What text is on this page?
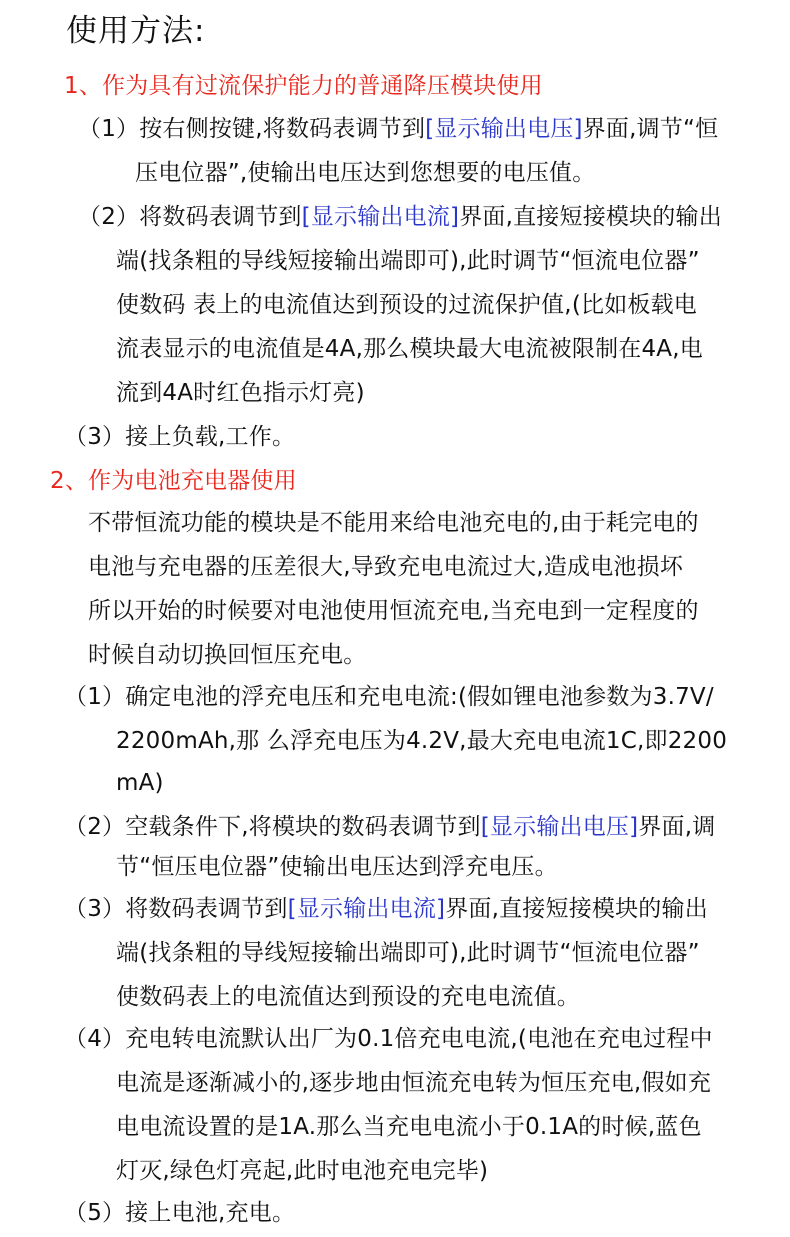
使用方法:
1、作为具有过流保护能力的普通降压模块使用
（1）按右侧按键,将数码表调节到[显示输出电压]界面,调节“恒
压电位器”,使输出电压达到您想要的电压值。
（2）将数码表调节到[显示输出电流]界面,直接短接模块的输出
端(找条粗的导线短接输出端即可),此时调节“恒流电位器”
使数码 表上的电流值达到预设的过流保护值,(比如板载电
流表显示的电流值是4A,那么模块最大电流被限制在4A,电
流到4A时红色指示灯亮)
（3）接上负载,工作。
2、作为电池充电器使用
不带恒流功能的模块是不能用来给电池充电的,由于耗完电的
电池与充电器的压差很大,导致充电电流过大,造成电池损坏
所以开始的时候要对电池使用恒流充电,当充电到一定程度的
时候自动切换回恒压充电。
（1）确定电池的浮充电压和充电电流:(假如锂电池参数为3.7V/
2200mAh,那 么浮充电压为4.2V,最大充电电流1C,即2200
mA)
（2）空载条件下,将模块的数码表调节到[显示输出电压]界面,调
节“恒压电位器”使输出电压达到浮充电压。
（3）将数码表调节到[显示输出电流]界面,直接短接模块的输出
端(找条粗的导线短接输出端即可),此时调节“恒流电位器”
使数码表上的电流值达到预设的充电电流值。
（4）充电转电流默认出厂为0.1倍充电电流,(电池在充电过程中
电流是逐渐减小的,逐步地由恒流充电转为恒压充电,假如充
电电流设置的是1A.那么当充电电流小于0.1A的时候,蓝色
灯灭,绿色灯亮起,此时电池充电完毕)
（5）接上电池,充电。
